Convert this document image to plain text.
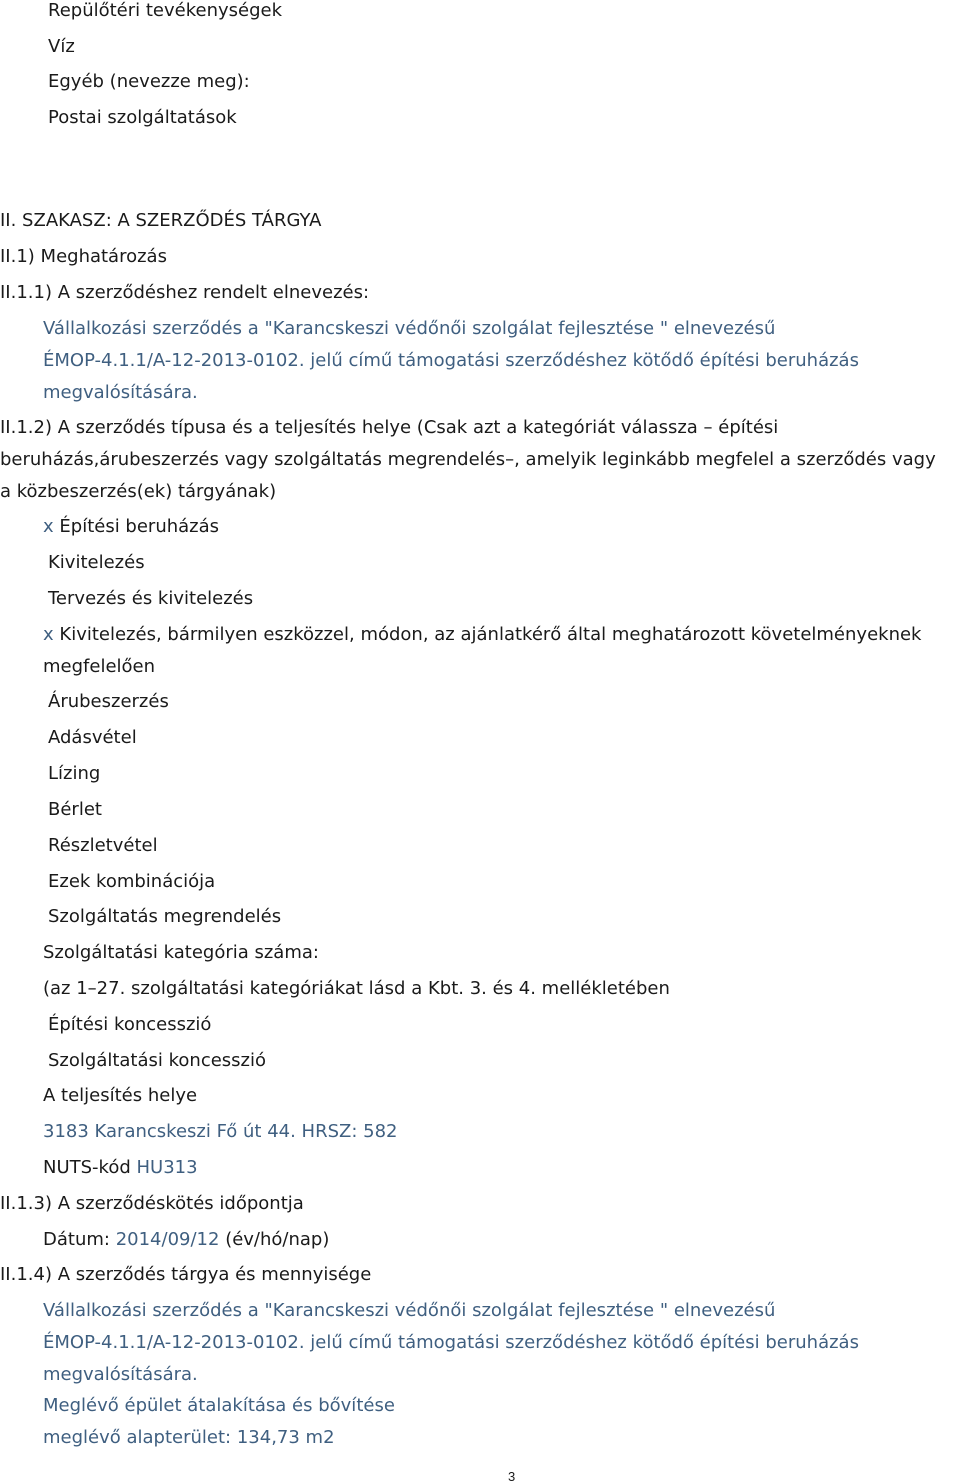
Repülőtéri tevékenységek
Víz
Egyéb (nevezze meg):
Postai szolgáltatások
II. SZAKASZ: A SZERZŐDÉS TÁRGYA
II.1) Meghatározás
II.1.1) A szerződéshez rendelt elnevezés:
Vállalkozási szerződés a "Karancskeszi védőnői szolgálat fejlesztése " elnevezésű
ÉMOP-4.1.1/A-12-2013-0102. jelű című támogatási szerződéshez kötődő építési beruházás
megvalósítására.
II.1.2) A szerződés típusa és a teljesítés helye (Csak azt a kategóriát válassza – építési
beruházás,árubeszerzés vagy szolgáltatás megrendelés–, amelyik leginkább megfelel a szerződés vagy
a közbeszerzés(ek) tárgyának)
x Építési beruházás
Kivitelezés
Tervezés és kivitelezés
x Kivitelezés, bármilyen eszközzel, módon, az ajánlatkérő által meghatározott követelményeknek
megfelelően
Árubeszerzés
Adásvétel
Lízing
Bérlet
Részletvétel
Ezek kombinációja
Szolgáltatás megrendelés
Szolgáltatási kategória száma:
(az 1–27. szolgáltatási kategóriákat lásd a Kbt. 3. és 4. mellékletében
Építési koncesszió
Szolgáltatási koncesszió
A teljesítés helye
3183 Karancskeszi Fő út 44. HRSZ: 582
NUTS-kód HU313
II.1.3) A szerződéskötés időpontja
Dátum: 2014/09/12 (év/hó/nap)
II.1.4) A szerződés tárgya és mennyisége
Vállalkozási szerződés a "Karancskeszi védőnői szolgálat fejlesztése " elnevezésű
ÉMOP-4.1.1/A-12-2013-0102. jelű című támogatási szerződéshez kötődő építési beruházás
megvalósítására.
Meglévő épület átalakítása és bővítése
meglévő alapterület: 134,73 m2
3
